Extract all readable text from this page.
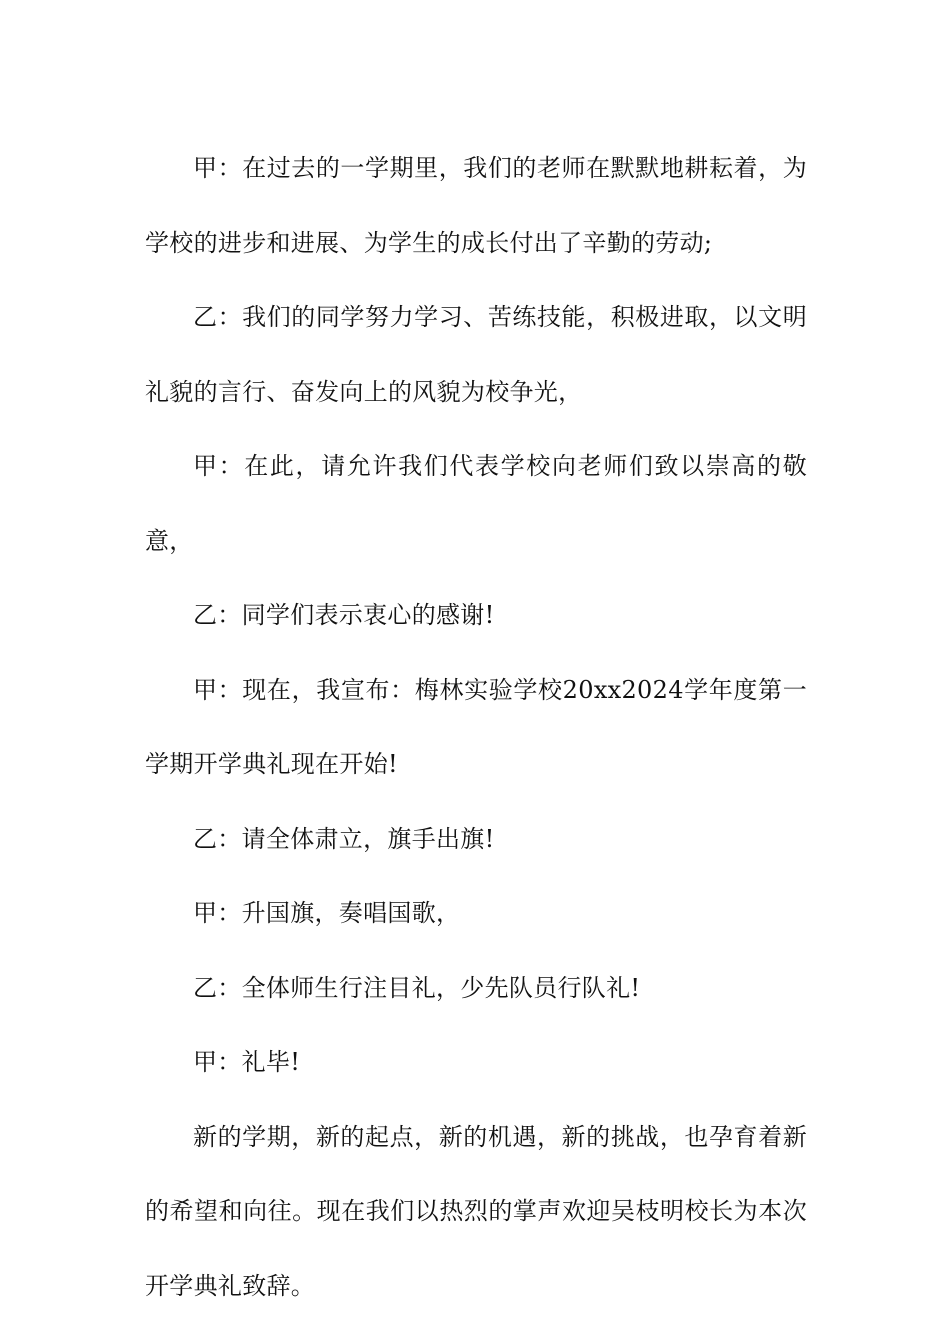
甲：在过去的一学期里，我们的老师在默默地耕耘着，为学校的进步和进展、为学生的成长付出了辛勤的劳动;

乙：我们的同学努力学习、苦练技能，积极进取，以文明礼貌的言行、奋发向上的风貌为校争光，

甲：在此，请允许我们代表学校向老师们致以崇高的敬意，

乙：同学们表示衷心的感谢!

甲：现在，我宣布：梅林实验学校20xx2024学年度第一学期开学典礼现在开始!

乙：请全体肃立，旗手出旗!

甲：升国旗，奏唱国歌，

乙：全体师生行注目礼，少先队员行队礼!

甲：礼毕!

新的学期，新的起点，新的机遇，新的挑战，也孕育着新的希望和向往。现在我们以热烈的掌声欢迎吴枝明校长为本次开学典礼致辞。
